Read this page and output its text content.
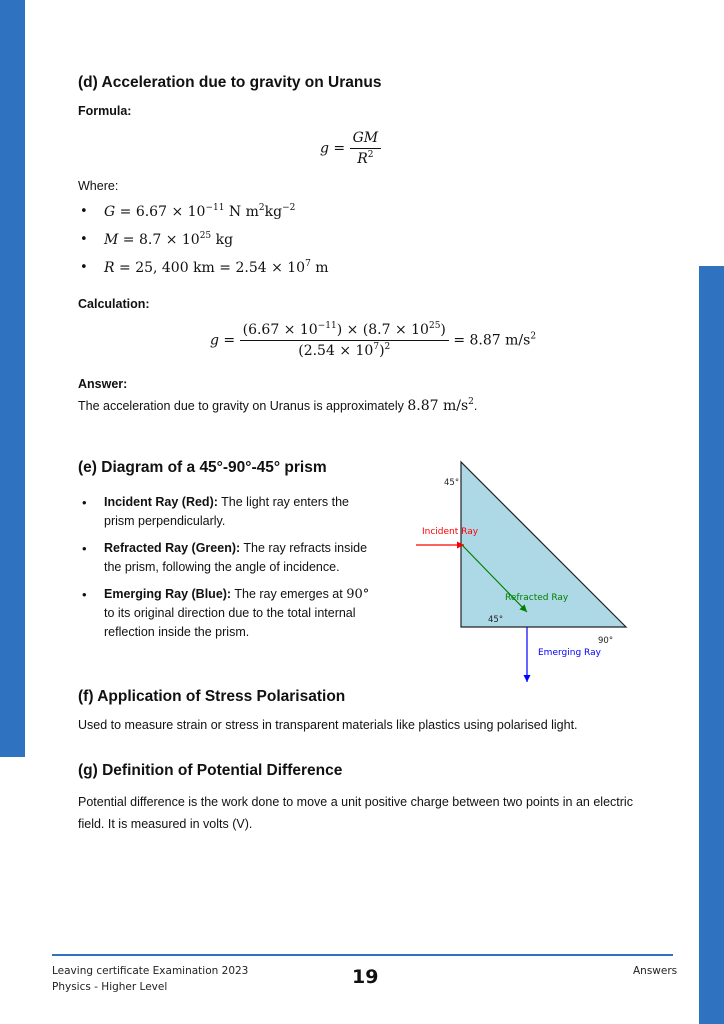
(d) Acceleration due to gravity on Uranus
Formula:
$g = \frac{GM}{R^2}$
Where:
• $G = 6.67 \times 10^{-11}$ N $m^2kg^{-2}$
• $M = 8.7 \times 10^{25}$ kg
• R = 25, 400 km = $2.54 \times 10^7$ m
Calculation:
$g = \frac{(6.67 \times 10^{-11}) \times (8.7 \times 10^{25})}{(2.54 \times 10^7)^2} = 8.87$ $m/s^2$
Answer:
The acceleration due to gravity on Uranus is approximately 8.87 $m/s^2$.
(e) Diagram of a 45°-90°-45° prism
• Incident Ray (Red): The light ray enters the prism perpendicularly.
• Refracted Ray (Green): The ray refracts inside the prism, following the angle of incidence.
• Emerging Ray (Blue): The ray emerges at 90° to its original direction due to the total internal reflection inside the prism.
45°
45°
90°
Incident Ray
Refracted Ray
Emerging Ray
(f) Application of Stress Polarisation
Used to measure strain or stress in transparent materials like plastics using polarised light.
(g) Definition of Potential Difference
Potential difference is the work done to move a unit positive charge between two points in an electric field. It is measured in volts (V).
Leaving certificate Examination 2023
Physics - Higher Level	19	Answers
